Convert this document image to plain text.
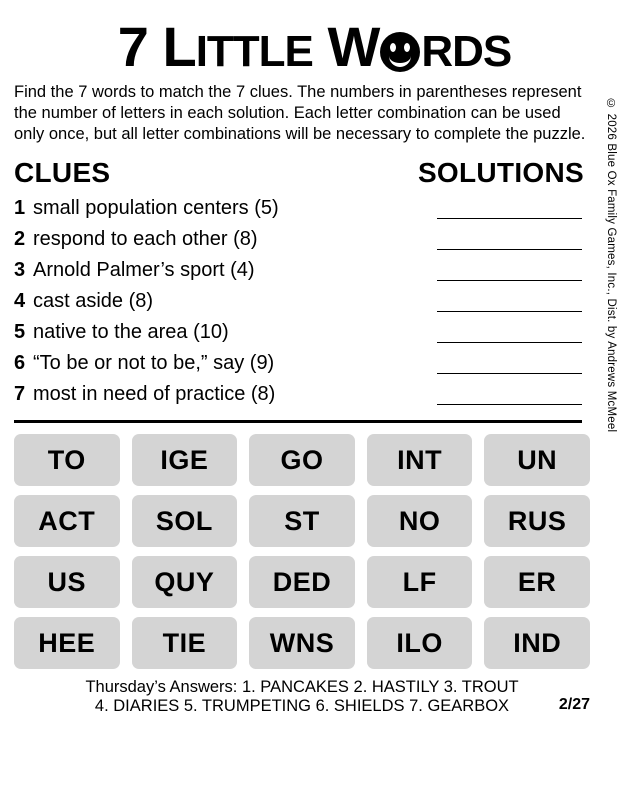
7 LITTLE W RDS
Find the 7 words to match the 7 clues. The numbers in parentheses represent the number of letters in each solution. Each letter combination can be used only once, but all letter combinations will be necessary to complete the puzzle.
CLUES	SOLUTIONS
1 small population centers (5)
2 respond to each other (8)
3 Arnold Palmer’s sport (4)
4 cast aside (8)
5 native to the area (10)
6 “To be or not to be,” say (9)
7 most in need of practice (8)
TO	IGE	GO	INT	UN
ACT	SOL	ST	NO	RUS
US	QUY	DED	LF	ER
HEE	TIE	WNS	ILO	IND
Thursday’s Answers: 1. PANCAKES 2. HASTILY 3. TROUT
4. DIARIES 5. TRUMPETING 6. SHIELDS 7. GEARBOX	2/27
© 2026 Blue Ox Family Games, Inc., Dist. by Andrews McMeel
